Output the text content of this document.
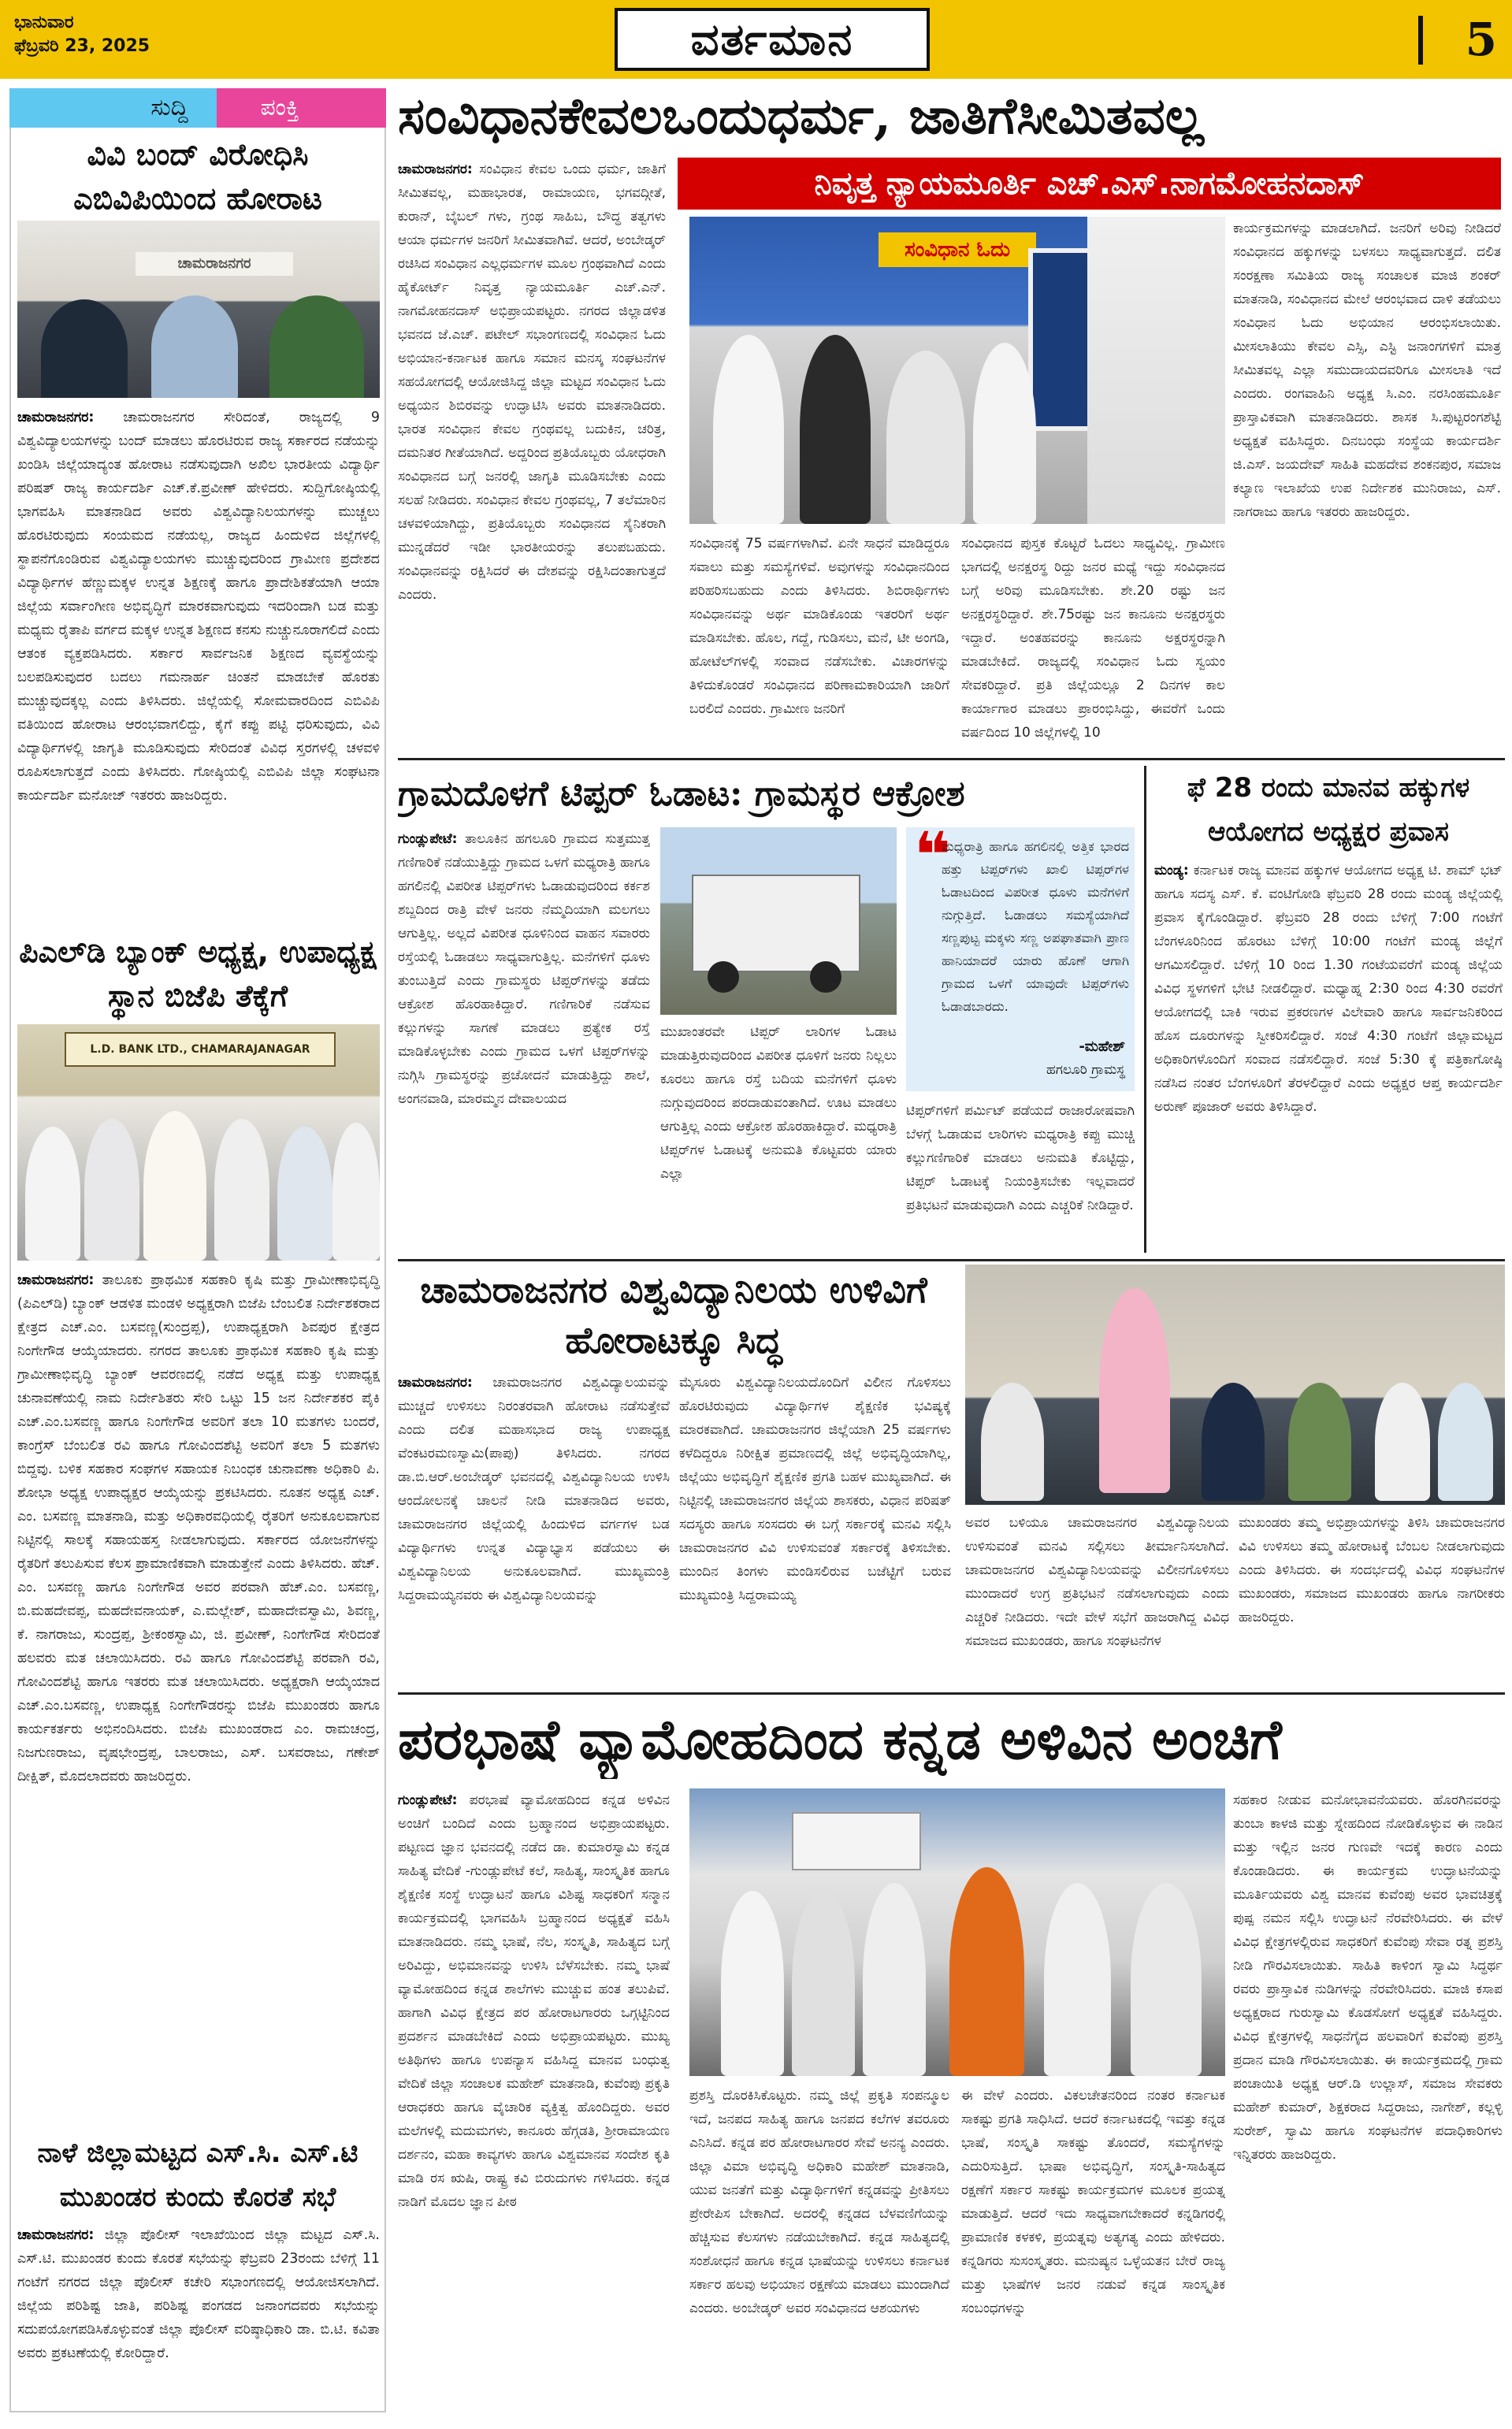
ಭಾನುವಾರ
ಫೆಬ್ರವರಿ 23, 2025	ವರ್ತಮಾನ	5
ಸುದ್ದಿ	ಪಂಕ್ತಿ
ವಿವಿ ಬಂದ್ ವಿರೋಧಿಸಿ ಎಬಿವಿಪಿಯಿಂದ ಹೋರಾಟ
ಚಾಮರಾಜನಗರ
ಚಾಮರಾಜನಗರ: ಚಾಮರಾಜನಗರ ಸೇರಿದಂತೆ, ರಾಜ್ಯದಲ್ಲಿ 9 ವಿಶ್ವವಿದ್ಯಾಲಯಗಳನ್ನು ಬಂದ್ ಮಾಡಲು ಹೊರಟಿರುವ ರಾಜ್ಯ ಸರ್ಕಾರದ ನಡೆಯನ್ನು ಖಂಡಿಸಿ ಜಿಲ್ಲೆಯಾದ್ಯಂತ ಹೋರಾಟ ನಡೆಸುವುದಾಗಿ ಅಖಿಲ ಭಾರತೀಯ ವಿದ್ಯಾರ್ಥಿ ಪರಿಷತ್ ರಾಜ್ಯ ಕಾರ್ಯದರ್ಶಿ ಎಚ್.ಕೆ.ಪ್ರವೀಣ್ ಹೇಳಿದರು. ಸುದ್ದಿಗೋಷ್ಠಿಯಲ್ಲಿ ಭಾಗವಹಿಸಿ ಮಾತನಾಡಿದ ಅವರು ವಿಶ್ವವಿದ್ಯಾನಿಲಯಗಳನ್ನು ಮುಚ್ಚಲು ಹೊರಟಿರುವುದು ಸಂಯಮದ ನಡೆಯಲ್ಲ, ರಾಜ್ಯದ ಹಿಂದುಳಿದ ಜಿಲ್ಲೆಗಳಲ್ಲಿ ಸ್ಥಾಪನೆಗೊಂಡಿರುವ ವಿಶ್ವವಿದ್ಯಾಲಯಗಳು ಮುಚ್ಚುವುದರಿಂದ ಗ್ರಾಮೀಣ ಪ್ರದೇಶದ ವಿದ್ಯಾರ್ಥಿಗಳ ಹೆಣ್ಣುಮಕ್ಕಳ ಉನ್ನತ ಶಿಕ್ಷಣಕ್ಕೆ ಹಾಗೂ ಪ್ರಾದೇಶಿಕತೆಯಾಗಿ ಆಯಾ ಜಿಲ್ಲೆಯ ಸರ್ವಾಂಗೀಣ ಅಭಿವೃದ್ಧಿಗೆ ಮಾರಕವಾಗುವುದು ಇದರಿಂದಾಗಿ ಬಡ ಮತ್ತು ಮಧ್ಯಮ ರೈತಾಪಿ ವರ್ಗದ ಮಕ್ಕಳ ಉನ್ನತ ಶಿಕ್ಷಣದ ಕನಸು ನುಚ್ಚುನೂರಾಗಲಿದೆ ಎಂದು ಆತಂಕ ವ್ಯಕ್ತಪಡಿಸಿದರು. ಸರ್ಕಾರ ಸಾರ್ವಜನಿಕ ಶಿಕ್ಷಣದ ವ್ಯವಸ್ಥೆಯನ್ನು ಬಲಪಡಿಸುವುದರ ಬದಲು ಗಮನಾರ್ಹ ಚಿಂತನೆ ಮಾಡಬೇಕೆ ಹೊರತು ಮುಚ್ಚುವುದಕ್ಕಲ್ಲ ಎಂದು ತಿಳಿಸಿದರು. ಜಿಲ್ಲೆಯಲ್ಲಿ ಸೋಮವಾರದಿಂದ ಎಬಿವಿಪಿ ವತಿಯಿಂದ ಹೋರಾಟ ಆರಂಭವಾಗಲಿದ್ದು, ಕೈಗೆ ಕಪ್ಪು ಪಟ್ಟಿ ಧರಿಸುವುದು, ವಿವಿ ವಿದ್ಯಾರ್ಥಿಗಳಲ್ಲಿ ಜಾಗೃತಿ ಮೂಡಿಸುವುದು ಸೇರಿದಂತೆ ವಿವಿಧ ಸ್ತರಗಳಲ್ಲಿ ಚಳವಳಿ ರೂಪಿಸಲಾಗುತ್ತದೆ ಎಂದು ತಿಳಿಸಿದರು. ಗೋಷ್ಠಿಯಲ್ಲಿ ಎಬಿವಿಪಿ ಜಿಲ್ಲಾ ಸಂಘಟನಾ ಕಾರ್ಯದರ್ಶಿ ಮನೋಜ್ ಇತರರು ಹಾಜರಿದ್ದರು.
ಪಿಎಲ್‌ಡಿ ಬ್ಯಾಂಕ್ ಅಧ್ಯಕ್ಷ, ಉಪಾಧ್ಯಕ್ಷ ಸ್ಥಾನ ಬಿಜೆಪಿ ತೆಕ್ಕೆಗೆ
L.D. BANK LTD., CHAMARAJANAGAR
ಚಾಮರಾಜನಗರ: ತಾಲೂಕು ಪ್ರಾಥಮಿಕ ಸಹಕಾರಿ ಕೃಷಿ ಮತ್ತು ಗ್ರಾಮೀಣಾಭಿವೃದ್ಧಿ (ಪಿಎಲ್‌ಡಿ) ಬ್ಯಾಂಕ್ ಆಡಳಿತ ಮಂಡಳಿ ಅಧ್ಯಕ್ಷರಾಗಿ ಬಿಜೆಪಿ ಬೆಂಬಲಿತ ನಿರ್ದೇಶಕರಾದ ಕ್ಷೇತ್ರದ ಎಚ್.ಎಂ. ಬಸವಣ್ಣ(ಸುಂದ್ರಪ್ಪ), ಉಪಾಧ್ಯಕ್ಷರಾಗಿ ಶಿವಪುರ ಕ್ಷೇತ್ರದ ನಿಂಗೇಗೌಡ ಆಯ್ಕೆಯಾದರು. ನಗರದ ತಾಲೂಕು ಪ್ರಾಥಮಿಕ ಸಹಕಾರಿ ಕೃಷಿ ಮತ್ತು ಗ್ರಾಮೀಣಾಭಿವೃದ್ಧಿ ಬ್ಯಾಂಕ್ ಆವರಣದಲ್ಲಿ ನಡೆದ ಅಧ್ಯಕ್ಷ ಮತ್ತು ಉಪಾಧ್ಯಕ್ಷ ಚುನಾವಣೆಯಲ್ಲಿ ನಾಮ ನಿರ್ದೇಶಿತರು ಸೇರಿ ಒಟ್ಟು 15 ಜನ ನಿರ್ದೇಶಕರ ಪೈಕಿ ಎಚ್.ಎಂ.ಬಸವಣ್ಣ ಹಾಗೂ ನಿಂಗೇಗೌಡ ಅವರಿಗೆ ತಲಾ 10 ಮತಗಳು ಬಂದರೆ, ಕಾಂಗ್ರೆಸ್ ಬೆಂಬಲಿತ ರವಿ ಹಾಗೂ ಗೋವಿಂದಶೆಟ್ಟಿ ಅವರಿಗೆ ತಲಾ 5 ಮತಗಳು ಬಿದ್ದವು. ಬಳಿಕ ಸಹಕಾರ ಸಂಘಗಳ ಸಹಾಯಕ ನಿಬಂಧಕ ಚುನಾವಣಾ ಅಧಿಕಾರಿ ಪಿ. ಶೋಭಾ ಅಧ್ಯಕ್ಷ ಉಪಾಧ್ಯಕ್ಷರ ಆಯ್ಕೆಯನ್ನು ಪ್ರಕಟಿಸಿದರು. ನೂತನ ಅಧ್ಯಕ್ಷ ಎಚ್. ಎಂ. ಬಸವಣ್ಣ ಮಾತನಾಡಿ, ಮತ್ತು ಅಧಿಕಾರವಧಿಯಲ್ಲಿ ರೈತರಿಗೆ ಅನುಕೂಲವಾಗುವ ನಿಟ್ಟಿನಲ್ಲಿ ಸಾಲಕ್ಕೆ ಸಹಾಯಹಸ್ತ ನೀಡಲಾಗುವುದು. ಸರ್ಕಾರದ ಯೋಜನೆಗಳನ್ನು ರೈತರಿಗೆ ತಲುಪಿಸುವ ಕೆಲಸ ಪ್ರಾಮಾಣಿಕವಾಗಿ ಮಾಡುತ್ತೇನೆ ಎಂದು ತಿಳಿಸಿದರು. ಹೆಚ್. ಎಂ. ಬಸವಣ್ಣ ಹಾಗೂ ನಿಂಗೇಗೌಡ ಅವರ ಪರವಾಗಿ ಹೆಚ್.ಎಂ. ಬಸವಣ್ಣ, ಬಿ.ಮಹದೇವಪ್ಪ, ಮಹದೇವನಾಯಕ್, ಎ.ಮಲ್ಲೇಶ್, ಮಹಾದೇವಸ್ವಾಮಿ, ಶಿವಣ್ಣ, ಕೆ. ನಾಗರಾಜು, ಸುಂದ್ರಪ್ಪ, ಶ್ರೀಕಂಠಸ್ವಾಮಿ, ಜಿ. ಪ್ರವೀಣ್, ನಿಂಗೇಗೌಡ ಸೇರಿದಂತೆ ಹಲವರು ಮತ ಚಲಾಯಿಸಿದರು. ರವಿ ಹಾಗೂ ಗೋವಿಂದಶೆಟ್ಟಿ ಪರವಾಗಿ ರವಿ, ಗೋವಿಂದಶೆಟ್ಟಿ ಹಾಗೂ ಇತರರು ಮತ ಚಲಾಯಿಸಿದರು. ಅಧ್ಯಕ್ಷರಾಗಿ ಆಯ್ಕೆಯಾದ ಎಚ್.ಎಂ.ಬಸವಣ್ಣ, ಉಪಾಧ್ಯಕ್ಷ ನಿಂಗೇಗೌಡರನ್ನು ಬಿಜೆಪಿ ಮುಖಂಡರು ಹಾಗೂ ಕಾರ್ಯಕರ್ತರು ಅಭಿನಂದಿಸಿದರು. ಬಿಜೆಪಿ ಮುಖಂಡರಾದ ಎಂ. ರಾಮಚಂದ್ರ, ನಿಜಗುಣರಾಜು, ವೃಷಭೇಂದ್ರಪ್ಪ, ಬಾಲರಾಜು, ಎಸ್. ಬಸವರಾಜು, ಗಣೇಶ್ ದೀಕ್ಷಿತ್, ಮೊದಲಾದವರು ಹಾಜರಿದ್ದರು.
ನಾಳೆ ಜಿಲ್ಲಾಮಟ್ಟದ ಎಸ್.ಸಿ. ಎಸ್.ಟಿ ಮುಖಂಡರ ಕುಂದು ಕೊರತೆ ಸಭೆ
ಚಾಮರಾಜನಗರ: ಜಿಲ್ಲಾ ಪೊಲೀಸ್ ಇಲಾಖೆಯಿಂದ ಜಿಲ್ಲಾ ಮಟ್ಟದ ಎಸ್.ಸಿ. ಎಸ್.ಟಿ. ಮುಖಂಡರ ಕುಂದು ಕೊರತೆ ಸಭೆಯನ್ನು ಫೆಬ್ರವರಿ 23ರಂದು ಬೆಳಿಗ್ಗೆ 11 ಗಂಟೆಗೆ ನಗರದ ಜಿಲ್ಲಾ ಪೊಲೀಸ್ ಕಚೇರಿ ಸಭಾಂಗಣದಲ್ಲಿ ಆಯೋಜಿಸಲಾಗಿದೆ. ಜಿಲ್ಲೆಯ ಪರಿಶಿಷ್ಟ ಜಾತಿ, ಪರಿಶಿಷ್ಟ ಪಂಗಡದ ಜನಾಂಗದವರು ಸಭೆಯನ್ನು ಸದುಪಯೋಗಪಡಿಸಿಕೊಳ್ಳುವಂತೆ ಜಿಲ್ಲಾ ಪೊಲೀಸ್ ವರಿಷ್ಠಾಧಿಕಾರಿ ಡಾ. ಬಿ.ಟಿ. ಕವಿತಾ ಅವರು ಪ್ರಕಟಣೆಯಲ್ಲಿ ಕೋರಿದ್ದಾರೆ.
ಸಂವಿಧಾನಕೇವಲಒಂದುಧರ್ಮ, ಜಾತಿಗೆಸೀಮಿತವಲ್ಲ
ಚಾಮರಾಜನಗರ: ಸಂವಿಧಾನ ಕೇವಲ ಒಂದು ಧರ್ಮ, ಜಾತಿಗೆ ಸೀಮಿತವಲ್ಲ, ಮಹಾಭಾರತ, ರಾಮಾಯಣ, ಭಗವದ್ಗೀತೆ, ಕುರಾನ್, ಬೈಬಲ್ ಗಳು, ಗ್ರಂಥ ಸಾಹಿಬ, ಬೌದ್ಧ ತತ್ವಗಳು ಆಯಾ ಧರ್ಮಗಳ ಜನರಿಗೆ ಸೀಮಿತವಾಗಿವೆ. ಆದರೆ, ಅಂಬೇಡ್ಕರ್ ರಚಿಸಿದ ಸಂವಿಧಾನ ಎಲ್ಲಧರ್ಮಗಳ ಮೂಲ ಗ್ರಂಥವಾಗಿದೆ ಎಂದು ಹೈಕೋರ್ಟ್ ನಿವೃತ್ತ ನ್ಯಾಯಮೂರ್ತಿ ಎಚ್.ಎನ್. ನಾಗಮೋಹನದಾಸ್ ಅಭಿಪ್ರಾಯಪಟ್ಟರು. ನಗರದ ಜಿಲ್ಲಾಡಳಿತ ಭವನದ ಜೆ.ಎಚ್. ಪಟೇಲ್ ಸಭಾಂಗಣದಲ್ಲಿ ಸಂವಿಧಾನ ಓದು ಅಭಿಯಾನ-ಕರ್ನಾಟಕ ಹಾಗೂ ಸಮಾನ ಮನಸ್ಕ ಸಂಘಟನೆಗಳ ಸಹಯೋಗದಲ್ಲಿ ಆಯೋಜಿಸಿದ್ದ ಜಿಲ್ಲಾ ಮಟ್ಟದ ಸಂವಿಧಾನ ಓದು ಅಧ್ಯಯನ ಶಿಬಿರವನ್ನು ಉದ್ಘಾಟಿಸಿ ಅವರು ಮಾತನಾಡಿದರು. ಭಾರತ ಸಂವಿಧಾನ ಕೇವಲ ಗ್ರಂಥವಲ್ಲ ಬದುಕಿನ, ಚರಿತ್ರ, ದಮನಿತರ ಗೀತೆಯಾಗಿದೆ. ಅದ್ದರಿಂದ ಪ್ರತಿಯೊಬ್ಬರು ಯೋಧರಾಗಿ ಸಂವಿಧಾನದ ಬಗ್ಗೆ ಜನರಲ್ಲಿ ಜಾಗೃತಿ ಮೂಡಿಸಬೇಕು ಎಂದು ಸಲಹೆ ನೀಡಿದರು. ಸಂವಿಧಾನ ಕೇವಲ ಗ್ರಂಥವಲ್ಲ, 7 ತಲೆಮಾರಿನ ಚಳವಳಿಯಾಗಿದ್ದು, ಪ್ರತಿಯೊಬ್ಬರು ಸಂವಿಧಾನದ ಸೈನಿಕರಾಗಿ ಮುನ್ನಡೆದರೆ ಇಡೀ ಭಾರತೀಯರನ್ನು ತಲುಪಬಹುದು. ಸಂವಿಧಾನವನ್ನು ರಕ್ಷಿಸಿದರೆ ಈ ದೇಶವನ್ನು ರಕ್ಷಿಸಿದಂತಾಗುತ್ತದೆ ಎಂದರು.
ನಿವೃತ್ತ ನ್ಯಾಯಮೂರ್ತಿ ಎಚ್.ಎಸ್.ನಾಗಮೋಹನದಾಸ್
ಸಂವಿಧಾನ ಓದು
ಸಂವಿಧಾನಕ್ಕೆ 75 ವರ್ಷಗಳಾಗಿವೆ. ಏನೇ ಸಾಧನೆ ಮಾಡಿದ್ದರೂ ಸವಾಲು ಮತ್ತು ಸಮಸ್ಯೆಗಳಿವೆ. ಅವುಗಳನ್ನು ಸಂವಿಧಾನದಿಂದ ಪರಿಹರಿಸಬಹುದು ಎಂದು ತಿಳಿಸಿದರು. ಶಿಬಿರಾರ್ಥಿಗಳು ಸಂವಿಧಾನವನ್ನು ಅರ್ಥ ಮಾಡಿಕೊಂಡು ಇತರರಿಗೆ ಅರ್ಥ ಮಾಡಿಸಬೇಕು. ಹೊಲ, ಗದ್ದೆ, ಗುಡಿಸಲು, ಮನೆ, ಟೀ ಅಂಗಡಿ, ಹೋಟೆಲ್‌ಗಳಲ್ಲಿ ಸಂವಾದ ನಡೆಸಬೇಕು. ವಿಚಾರಗಳನ್ನು ತಿಳಿದುಕೊಂಡರೆ ಸಂವಿಧಾನದ ಪರಿಣಾಮಕಾರಿಯಾಗಿ ಜಾರಿಗೆ ಬರಲಿದೆ ಎಂದರು. ಗ್ರಾಮೀಣ ಜನರಿಗೆ
ಸಂವಿಧಾನದ ಪುಸ್ತಕ ಕೊಟ್ಟರೆ ಓದಲು ಸಾಧ್ಯವಿಲ್ಲ. ಗ್ರಾಮೀಣ ಭಾಗದಲ್ಲಿ ಅನಕ್ಷರಸ್ಥ ರಿದ್ದು ಜನರ ಮಧ್ಯೆ ಇದ್ದು ಸಂವಿಧಾನದ ಬಗ್ಗೆ ಅರಿವು ಮೂಡಿಸಬೇಕು. ಶೇ.20 ರಷ್ಟು ಜನ ಅನಕ್ಷರಸ್ಥರಿದ್ದಾರೆ. ಶೇ.75ರಷ್ಟು ಜನ ಕಾನೂನು ಅನಕ್ಷರಸ್ಥರು ಇದ್ದಾರೆ. ಅಂತಹವರನ್ನು ಕಾನೂನು ಅಕ್ಷರಸ್ಥರನ್ನಾಗಿ ಮಾಡಬೇಕಿದೆ. ರಾಜ್ಯದಲ್ಲಿ ಸಂವಿಧಾನ ಓದು ಸ್ವಯಂ ಸೇವಕರಿದ್ದಾರೆ. ಪ್ರತಿ ಜಿಲ್ಲೆಯಲ್ಲೂ 2 ದಿನಗಳ ಕಾಲ ಕಾರ್ಯಾಗಾರ ಮಾಡಲು ಪ್ರಾರಂಭಿಸಿದ್ದು, ಈವರೆಗೆ ಒಂದು ವರ್ಷದಿಂದ 10 ಜಿಲ್ಲೆಗಳಲ್ಲಿ 10
ಕಾರ್ಯಕ್ರಮಗಳನ್ನು ಮಾಡಲಾಗಿದೆ. ಜನರಿಗೆ ಅರಿವು ನೀಡಿದರೆ ಸಂವಿಧಾನದ ಹಕ್ಕುಗಳನ್ನು ಬಳಸಲು ಸಾಧ್ಯವಾಗುತ್ತದೆ. ದಲಿತ ಸಂರಕ್ಷಣಾ ಸಮಿತಿಯ ರಾಜ್ಯ ಸಂಚಾಲಕ ಮಾಜಿ ಶಂಕರ್ ಮಾತನಾಡಿ, ಸಂವಿಧಾನದ ಮೇಲೆ ಆರಂಭವಾದ ದಾಳಿ ತಡೆಯಲು ಸಂವಿಧಾನ ಓದು ಅಭಿಯಾನ ಆರಂಭಿಸಲಾಯಿತು. ಮೀಸಲಾತಿಯು ಕೇವಲ ಎಸ್ಸಿ, ಎಸ್ಟಿ ಜನಾಂಗಗಳಿಗೆ ಮಾತ್ರ ಸೀಮಿತವಲ್ಲ ಎಲ್ಲಾ ಸಮುದಾಯದವರಿಗೂ ಮೀಸಲಾತಿ ಇದೆ ಎಂದರು. ರಂಗವಾಹಿನಿ ಅಧ್ಯಕ್ಷ ಸಿ.ಎಂ. ನರಸಿಂಹಮೂರ್ತಿ ಪ್ರಾಸ್ತಾವಿಕವಾಗಿ ಮಾತನಾಡಿದರು. ಶಾಸಕ ಸಿ.ಪುಟ್ಟರಂಗಶೆಟ್ಟಿ ಅಧ್ಯಕ್ಷತೆ ವಹಿಸಿದ್ದರು. ದಿನಬಂಧು ಸಂಸ್ಥೆಯ ಕಾರ್ಯದರ್ಶಿ ಜಿ.ಎಸ್. ಜಯದೇವ್ ಸಾಹಿತಿ ಮಹದೇವ ಶಂಕನಪುರ, ಸಮಾಜ ಕಲ್ಯಾಣ ಇಲಾಖೆಯ ಉಪ ನಿರ್ದೇಶಕ ಮುನಿರಾಜು, ಎಸ್. ನಾಗರಾಜು ಹಾಗೂ ಇತರರು ಹಾಜರಿದ್ದರು.
ಗ್ರಾಮದೊಳಗೆ ಟಿಪ್ಪರ್ ಓಡಾಟ: ಗ್ರಾಮಸ್ಥರ ಆಕ್ರೋಶ
ಗುಂಡ್ಲುಪೇಟೆ: ತಾಲೂಕಿನ ಹಗಲೂರಿ ಗ್ರಾಮದ ಸುತ್ತಮುತ್ತ ಗಣಿಗಾರಿಕೆ ನಡೆಯುತ್ತಿದ್ದು ಗ್ರಾಮದ ಒಳಗೆ ಮಧ್ಯರಾತ್ರಿ ಹಾಗೂ ಹಗಲಿನಲ್ಲಿ ವಿಪರೀತ ಟಿಪ್ಪರ್‌ಗಳು ಓಡಾಡುವುದರಿಂದ ಕರ್ಕಶ ಶಬ್ದದಿಂದ ರಾತ್ರಿ ವೇಳೆ ಜನರು ನೆಮ್ಮದಿಯಾಗಿ ಮಲಗಲು ಆಗುತ್ತಿಲ್ಲ. ಅಲ್ಲದೆ ವಿಪರೀತ ಧೂಳಿನಿಂದ ವಾಹನ ಸವಾರರು ರಸ್ತೆಯಲ್ಲಿ ಓಡಾಡಲು ಸಾಧ್ಯವಾಗುತ್ತಿಲ್ಲ. ಮನೆಗಳಿಗೆ ಧೂಳು ತುಂಬುತ್ತಿದೆ ಎಂದು ಗ್ರಾಮಸ್ಥರು ಟಿಪ್ಪರ್‌ಗಳನ್ನು ತಡೆದು ಆಕ್ರೋಶ ಹೊರಹಾಕಿದ್ದಾರೆ. ಗಣಿಗಾರಿಕೆ ನಡೆಸುವ ಕಲ್ಲುಗಳನ್ನು ಸಾಗಣೆ ಮಾಡಲು ಪ್ರತ್ಯೇಕ ರಸ್ತೆ ಮಾಡಿಕೊಳ್ಳಬೇಕು ಎಂದು ಗ್ರಾಮದ ಒಳಗೆ ಟಿಪ್ಪರ್‌ಗಳನ್ನು ನುಗ್ಗಿಸಿ ಗ್ರಾಮಸ್ಥರನ್ನು ಪ್ರಚೋದನೆ ಮಾಡುತ್ತಿದ್ದು ಶಾಲೆ, ಅಂಗನವಾಡಿ, ಮಾರಮ್ಮನ ದೇವಾಲಯದ
ಮುಖಾಂತರವೇ ಟಿಪ್ಪರ್ ಲಾರಿಗಳ ಓಡಾಟ ಮಾಡುತ್ತಿರುವುದರಿಂದ ವಿಪರೀತ ಧೂಳಿಗೆ ಜನರು ನಿಲ್ಲಲು ಕೂರಲು ಹಾಗೂ ರಸ್ತೆ ಬದಿಯ ಮನೆಗಳಿಗೆ ಧೂಳು ನುಗ್ಗುವುದರಿಂದ ಪರದಾಡುವಂತಾಗಿದೆ. ಊಟ ಮಾಡಲು ಆಗುತ್ತಿಲ್ಲ ಎಂದು ಆಕ್ರೋಶ ಹೊರಹಾಕಿದ್ದಾರೆ. ಮಧ್ಯರಾತ್ರಿ ಟಿಪ್ಪರ್‌ಗಳ ಓಡಾಟಕ್ಕೆ ಅನುಮತಿ ಕೊಟ್ಟವರು ಯಾರು ಎಲ್ಲಾ
❝
ಮಧ್ಯರಾತ್ರಿ ಹಾಗೂ ಹಗಲಿನಲ್ಲಿ ಅತ್ತಿಕ ಭಾರದ ಹತ್ತು ಟಿಪ್ಪರ್‌ಗಳು ಖಾಲಿ ಟಿಪ್ಪರ್‌ಗಳ ಓಡಾಟದಿಂದ ವಿಪರೀತ ಧೂಳು ಮನೆಗಳಿಗೆ ನುಗ್ಗುತ್ತಿದೆ. ಓಡಾಡಲು ಸಮಸ್ಯೆಯಾಗಿದೆ ಸಣ್ಣಪುಟ್ಟ ಮಕ್ಕಳು ಸಣ್ಣ ಅಪಘಾತವಾಗಿ ಪ್ರಾಣ ಹಾನಿಯಾದರೆ ಯಾರು ಹೊಣೆ ಆಗಾಗಿ ಗ್ರಾಮದ ಒಳಗೆ ಯಾವುದೇ ಟಿಪ್ಪರ್‌ಗಳು ಓಡಾಡಬಾರದು.
-ಮಹೇಶ್
ಹಗಲೂರಿ ಗ್ರಾಮಸ್ಥ
ಟಿಪ್ಪರ್‌ಗಳಿಗೆ ಪರ್ಮಿಟ್ ಪಡೆಯದೆ ರಾಜಾರೋಷವಾಗಿ ಬೆಳಗ್ಗೆ ಓಡಾಡುವ ಲಾರಿಗಳು ಮಧ್ಯರಾತ್ರಿ ಕಪ್ಪು ಮುಚ್ಚಿ ಕಲ್ಲುಗಣಿಗಾರಿಕೆ ಮಾಡಲು ಅನುಮತಿ ಕೊಟ್ಟಿದ್ದು, ಟಿಪ್ಪರ್ ಓಡಾಟಕ್ಕೆ ನಿಯಂತ್ರಿಸಬೇಕು ಇಲ್ಲವಾದರೆ ಪ್ರತಿಭಟನೆ ಮಾಡುವುದಾಗಿ ಎಂದು ಎಚ್ಚರಿಕೆ ನೀಡಿದ್ದಾರೆ.
ಫೆ 28 ರಂದು ಮಾನವ ಹಕ್ಕುಗಳ ಆಯೋಗದ ಅಧ್ಯಕ್ಷರ ಪ್ರವಾಸ
ಮಂಡ್ಯ: ಕರ್ನಾಟಕ ರಾಜ್ಯ ಮಾನವ ಹಕ್ಕುಗಳ ಆಯೋಗದ ಅಧ್ಯಕ್ಷ ಟಿ. ಶಾಮ್ ಭಟ್ ಹಾಗೂ ಸದಸ್ಯ ಎಸ್. ಕೆ. ವಂಟಿಗೋಡಿ ಫೆಬ್ರವರಿ 28 ರಂದು ಮಂಡ್ಯ ಜಿಲ್ಲೆಯಲ್ಲಿ ಪ್ರವಾಸ ಕೈಗೊಂಡಿದ್ದಾರೆ. ಫೆಬ್ರವರಿ 28 ರಂದು ಬೆಳಿಗ್ಗೆ 7:00 ಗಂಟೆಗೆ ಬೆಂಗಳೂರಿನಿಂದ ಹೊರಟು ಬೆಳಿಗ್ಗೆ 10:00 ಗಂಟೆಗೆ ಮಂಡ್ಯ ಜಿಲ್ಲೆಗೆ ಆಗಮಿಸಲಿದ್ದಾರೆ. ಬೆಳಿಗ್ಗೆ 10 ರಿಂದ 1.30 ಗಂಟೆಯವರೆಗೆ ಮಂಡ್ಯ ಜಿಲ್ಲೆಯ ವಿವಿಧ ಸ್ಥಳಗಳಿಗೆ ಭೇಟಿ ನೀಡಲಿದ್ದಾರೆ. ಮಧ್ಯಾಹ್ನ 2:30 ರಿಂದ 4:30 ರವರೆಗೆ ಆಯೋಗದಲ್ಲಿ ಬಾಕಿ ಇರುವ ಪ್ರಕರಣಗಳ ವಿಲೇವಾರಿ ಹಾಗೂ ಸಾರ್ವಜನಿಕರಿಂದ ಹೊಸ ದೂರುಗಳನ್ನು ಸ್ವೀಕರಿಸಲಿದ್ದಾರೆ. ಸಂಜೆ 4:30 ಗಂಟೆಗೆ ಜಿಲ್ಲಾಮಟ್ಟದ ಅಧಿಕಾರಿಗಳೊಂದಿಗೆ ಸಂವಾದ ನಡೆಸಲಿದ್ದಾರೆ. ಸಂಜೆ 5:30 ಕ್ಕೆ ಪತ್ರಿಕಾಗೋಷ್ಠಿ ನಡೆಸಿದ ನಂತರ ಬೆಂಗಳೂರಿಗೆ ತೆರಳಲಿದ್ದಾರೆ ಎಂದು ಅಧ್ಯಕ್ಷರ ಆಪ್ತ ಕಾರ್ಯದರ್ಶಿ ಅರುಣ್ ಪೂಜಾರ್ ಅವರು ತಿಳಿಸಿದ್ದಾರೆ.
ಚಾಮರಾಜನಗರ ವಿಶ್ವವಿದ್ಯಾನಿಲಯ ಉಳಿವಿಗೆ ಹೋರಾಟಕ್ಕೂ ಸಿದ್ಧ
ಚಾಮರಾಜನಗರ: ಚಾಮರಾಜನಗರ ವಿಶ್ವವಿದ್ಯಾಲಯವನ್ನು ಮುಚ್ಚದೆ ಉಳಿಸಲು ನಿರಂತರವಾಗಿ ಹೋರಾಟ ನಡೆಸುತ್ತೇವೆ ಎಂದು ದಲಿತ ಮಹಾಸಭಾದ ರಾಜ್ಯ ಉಪಾಧ್ಯಕ್ಷ ವೆಂಕಟರಮಣಸ್ವಾಮಿ(ಪಾಪು) ತಿಳಿಸಿದರು. ನಗರದ ಡಾ.ಬಿ.ಆರ್.ಅಂಬೇಡ್ಕರ್ ಭವನದಲ್ಲಿ ವಿಶ್ವವಿದ್ಯಾನಿಲಯ ಉಳಿಸಿ ಆಂದೋಲನಕ್ಕೆ ಚಾಲನೆ ನೀಡಿ ಮಾತನಾಡಿದ ಅವರು, ಚಾಮರಾಜನಗರ ಜಿಲ್ಲೆಯಲ್ಲಿ ಹಿಂದುಳಿದ ವರ್ಗಗಳ ಬಡ ವಿದ್ಯಾರ್ಥಿಗಳು ಉನ್ನತ ವಿದ್ಯಾಭ್ಯಾಸ ಪಡೆಯಲು ಈ ವಿಶ್ವವಿದ್ಯಾನಿಲಯ ಅನುಕೂಲವಾಗಿದೆ. ಮುಖ್ಯಮಂತ್ರಿ ಸಿದ್ದರಾಮಯ್ಯನವರು ಈ ವಿಶ್ವವಿದ್ಯಾನಿಲಯವನ್ನು
ಮೈಸೂರು ವಿಶ್ವವಿದ್ಯಾನಿಲಯದೊಂದಿಗೆ ವಿಲೀನ ಗೊಳಿಸಲು ಹೊರಟಿರುವುದು ವಿದ್ಯಾರ್ಥಿಗಳ ಶೈಕ್ಷಣಿಕ ಭವಿಷ್ಯಕ್ಕೆ ಮಾರಕವಾಗಿದೆ. ಚಾಮರಾಜನಗರ ಜಿಲ್ಲೆಯಾಗಿ 25 ವರ್ಷಗಳು ಕಳೆದಿದ್ದರೂ ನಿರೀಕ್ಷಿತ ಪ್ರಮಾಣದಲ್ಲಿ ಜಿಲ್ಲೆ ಅಭಿವೃದ್ಧಿಯಾಗಿಲ್ಲ, ಜಿಲ್ಲೆಯು ಅಭಿವೃದ್ಧಿಗೆ ಶೈಕ್ಷಣಿಕ ಪ್ರಗತಿ ಬಹಳ ಮುಖ್ಯವಾಗಿದೆ. ಈ ನಿಟ್ಟಿನಲ್ಲಿ ಚಾಮರಾಜನಗರ ಜಿಲ್ಲೆಯ ಶಾಸಕರು, ವಿಧಾನ ಪರಿಷತ್ ಸದಸ್ಯರು ಹಾಗೂ ಸಂಸದರು ಈ ಬಗ್ಗೆ ಸರ್ಕಾರಕ್ಕೆ ಮನವಿ ಸಲ್ಲಿಸಿ ಚಾಮರಾಜನಗರ ವಿವಿ ಉಳಿಸುವಂತೆ ಸರ್ಕಾರಕ್ಕೆ ತಿಳಿಸಬೇಕು. ಮುಂದಿನ ತಿಂಗಳು ಮಂಡಿಸಲಿರುವ ಬಜೆಟ್ಟಿಗೆ ಬರುವ ಮುಖ್ಯಮಂತ್ರಿ ಸಿದ್ದರಾಮಯ್ಯ
ಅವರ ಬಳಿಯೂ ಚಾಮರಾಜನಗರ ವಿಶ್ವವಿದ್ಯಾನಿಲಯ ಉಳಿಸುವಂತೆ ಮನವಿ ಸಲ್ಲಿಸಲು ತೀರ್ಮಾನಿಸಲಾಗಿದೆ. ಚಾಮರಾಜನಗರ ವಿಶ್ವವಿದ್ಯಾನಿಲಯವನ್ನು ವಿಲೀನಗೊಳಿಸಲು ಮುಂದಾದರೆ ಉಗ್ರ ಪ್ರತಿಭಟನೆ ನಡೆಸಲಾಗುವುದು ಎಂದು ಎಚ್ಚರಿಕೆ ನೀಡಿದರು. ಇದೇ ವೇಳೆ ಸಭೆಗೆ ಹಾಜರಾಗಿದ್ದ ವಿವಿಧ ಸಮಾಜದ ಮುಖಂಡರು, ಹಾಗೂ ಸಂಘಟನೆಗಳ
ಮುಖಂಡರು ತಮ್ಮ ಅಭಿಪ್ರಾಯಗಳನ್ನು ತಿಳಿಸಿ ಚಾಮರಾಜನಗರ ವಿವಿ ಉಳಿಸಲು ತಮ್ಮ ಹೋರಾಟಕ್ಕೆ ಬೆಂಬಲ ನೀಡಲಾಗುವುದು ಎಂದು ತಿಳಿಸಿದರು. ಈ ಸಂದರ್ಭದಲ್ಲಿ ವಿವಿಧ ಸಂಘಟನೆಗಳ ಮುಖಂಡರು, ಸಮಾಜದ ಮುಖಂಡರು ಹಾಗೂ ನಾಗರೀಕರು ಹಾಜರಿದ್ದರು.
ಪರಭಾಷೆ ವ್ಯಾಮೋಹದಿಂದ ಕನ್ನಡ ಅಳಿವಿನ ಅಂಚಿಗೆ
ಗುಂಡ್ಲುಪೇಟೆ: ಪರಭಾಷೆ ವ್ಯಾಮೋಹದಿಂದ ಕನ್ನಡ ಅಳಿವಿನ ಅಂಚಿಗೆ ಬಂದಿದೆ ಎಂದು ಬ್ರಹ್ಮಾನಂದ ಅಭಿಪ್ರಾಯಪಟ್ಟರು. ಪಟ್ಟಣದ ಜ್ಞಾನ ಭವನದಲ್ಲಿ ನಡೆದ ಡಾ. ಕುಮಾರಸ್ವಾಮಿ ಕನ್ನಡ ಸಾಹಿತ್ಯ ವೇದಿಕೆ -ಗುಂಡ್ಲುಪೇಟೆ ಕಲೆ, ಸಾಹಿತ್ಯ, ಸಾಂಸ್ಕೃತಿಕ ಹಾಗೂ ಶೈಕ್ಷಣಿಕ ಸಂಸ್ಥೆ ಉದ್ಘಾಟನೆ ಹಾಗೂ ವಿಶಿಷ್ಟ ಸಾಧಕರಿಗೆ ಸನ್ಮಾನ ಕಾರ್ಯಕ್ರಮದಲ್ಲಿ ಭಾಗವಹಿಸಿ ಬ್ರಹ್ಮಾನಂದ ಅಧ್ಯಕ್ಷತೆ ವಹಿಸಿ ಮಾತನಾಡಿದರು. ನಮ್ಮ ಭಾಷೆ, ನೆಲ, ಸಂಸ್ಕೃತಿ, ಸಾಹಿತ್ಯದ ಬಗ್ಗೆ ಅರಿವಿದ್ದು, ಅಭಿಮಾನವನ್ನು ಉಳಿಸಿ ಬೆಳೆಸಬೇಕು. ನಮ್ಮ ಭಾಷೆ ವ್ಯಾಮೋಹದಿಂದ ಕನ್ನಡ ಶಾಲೆಗಳು ಮುಚ್ಚುವ ಹಂತ ತಲುಪಿವೆ. ಹಾಗಾಗಿ ವಿವಿಧ ಕ್ಷೇತ್ರದ ಪರ ಹೋರಾಟಗಾರರು ಒಗ್ಗಟ್ಟಿನಿಂದ ಪ್ರದರ್ಶನ ಮಾಡಬೇಕಿದೆ ಎಂದು ಅಭಿಪ್ರಾಯಪಟ್ಟರು. ಮುಖ್ಯ ಅತಿಥಿಗಳು ಹಾಗೂ ಉಪನ್ಯಾಸ ವಹಿಸಿದ್ದ ಮಾನವ ಬಂಧುತ್ವ ವೇದಿಕೆ ಜಿಲ್ಲಾ ಸಂಚಾಲಕ ಮಹೇಶ್ ಮಾತನಾಡಿ, ಕುವೆಂಪು ಪ್ರಕೃತಿ ಆರಾಧಕರು ಹಾಗೂ ವೈಚಾರಿಕ ವ್ಯಕ್ತಿತ್ವ ಹೊಂದಿದ್ದರು. ಅವರ ಮಲೆಗಳಲ್ಲಿ ಮದುಮಗಳು, ಕಾನೂರು ಹೆಗ್ಗಡತಿ, ಶ್ರೀರಾಮಾಯಣ ದರ್ಶನಂ, ಮಹಾ ಕಾವ್ಯಗಳು ಹಾಗೂ ವಿಶ್ವಮಾನವ ಸಂದೇಶ ಕೃತಿ ಮಾಡಿ ರಸ ಋಷಿ, ರಾಷ್ಟ್ರ ಕವಿ ಬಿರುದುಗಳು ಗಳಿಸಿದರು. ಕನ್ನಡ ನಾಡಿಗೆ ಮೊದಲ ಜ್ಞಾನ ಪೀಠ
ಪ್ರಶಸ್ತಿ ದೊರಕಿಸಿಕೊಟ್ಟರು. ನಮ್ಮ ಜಿಲ್ಲೆ ಪ್ರಕೃತಿ ಸಂಪನ್ಮೂಲ ಇದೆ, ಜನಪದ ಸಾಹಿತ್ಯ ಹಾಗೂ ಜನಪದ ಕಲೆಗಳ ತವರೂರು ಎನಿಸಿದೆ. ಕನ್ನಡ ಪರ ಹೋರಾಟಗಾರರ ಸೇವೆ ಅನನ್ಯ ಎಂದರು. ಜಿಲ್ಲಾ ವಿಮಾ ಅಭಿವೃದ್ಧಿ ಅಧಿಕಾರಿ ಮಹೇಶ್ ಮಾತನಾಡಿ, ಯುವ ಜನತೆಗೆ ಮತ್ತು ವಿದ್ಯಾರ್ಥಿಗಳಿಗೆ ಕನ್ನಡವನ್ನು ಪ್ರೀತಿಸಲು ಪ್ರೇರೇಪಿಸ ಬೇಕಾಗಿದೆ. ಅದರಲ್ಲಿ ಕನ್ನಡದ ಬೆಳವಣಿಗೆಯನ್ನು ಹೆಚ್ಚಿಸುವ ಕೆಲಸಗಳು ನಡೆಯಬೇಕಾಗಿದೆ. ಕನ್ನಡ ಸಾಹಿತ್ಯದಲ್ಲಿ ಸಂಶೋಧನೆ ಹಾಗೂ ಕನ್ನಡ ಭಾಷೆಯನ್ನು ಉಳಿಸಲು ಕರ್ನಾಟಕ ಸರ್ಕಾರ ಹಲವು ಅಭಿಯಾನ ರಕ್ಷಣೆಯ ಮಾಡಲು ಮುಂದಾಗಿದೆ ಎಂದರು. ಅಂಬೇಡ್ಕರ್ ಅವರ ಸಂವಿಧಾನದ ಆಶಯಗಳು
ಈ ವೇಳೆ ಎಂದರು. ವಿಕಲಚೇತನರಿಂದ ನಂತರ ಕರ್ನಾಟಕ ಸಾಕಷ್ಟು ಪ್ರಗತಿ ಸಾಧಿಸಿದೆ. ಆದರೆ ಕರ್ನಾಟಕದಲ್ಲಿ ಇವತ್ತು ಕನ್ನಡ ಭಾಷೆ, ಸಂಸ್ಕೃತಿ ಸಾಕಷ್ಟು ತೊಂದರೆ, ಸಮಸ್ಯೆಗಳನ್ನು ಎದುರಿಸುತ್ತಿದೆ. ಭಾಷಾ ಅಭಿವೃದ್ಧಿಗೆ, ಸಂಸ್ಕೃತಿ-ಸಾಹಿತ್ಯದ ರಕ್ಷಣೆಗೆ ಸರ್ಕಾರ ಸಾಕಷ್ಟು ಕಾರ್ಯಕ್ರಮಗಳ ಮೂಲಕ ಪ್ರಯತ್ನ ಮಾಡುತ್ತಿದೆ. ಆದರೆ ಇದು ಸಾಧ್ಯವಾಗಬೇಕಾದರೆ ಕನ್ನಡಿಗರಲ್ಲಿ ಪ್ರಾಮಾಣಿಕ ಕಳಕಳಿ, ಪ್ರಯತ್ನವು ಅತ್ಯಗತ್ಯ ಎಂದು ಹೇಳಿದರು. ಕನ್ನಡಿಗರು ಸುಸಂಸ್ಕೃತರು. ಮನುಷ್ಯನ ಒಳ್ಳೆಯತನ ಬೇರೆ ರಾಜ್ಯ ಮತ್ತು ಭಾಷೆಗಳ ಜನರ ನಡುವೆ ಕನ್ನಡ ಸಾಂಸ್ಕೃತಿಕ ಸಂಬಂಧಗಳನ್ನು
ಸಹಕಾರ ನೀಡುವ ಮನೋಭಾವನೆಯವರು. ಹೊರಗಿನವರನ್ನು ತುಂಬಾ ಕಾಳಜಿ ಮತ್ತು ಸ್ನೇಹದಿಂದ ನೋಡಿಕೊಳ್ಳುವ ಈ ನಾಡಿನ ಮತ್ತು ಇಲ್ಲಿನ ಜನರ ಗುಣವೇ ಇದಕ್ಕೆ ಕಾರಣ ಎಂದು ಕೊಂಡಾಡಿದರು. ಈ ಕಾರ್ಯಕ್ರಮ ಉದ್ಘಾಟನೆಯನ್ನು ಮೂರ್ತಿಯವರು ವಿಶ್ವ ಮಾನವ ಕುವೆಂಪು ಅವರ ಭಾವಚಿತ್ರಕ್ಕೆ ಪುಷ್ಪ ನಮನ ಸಲ್ಲಿಸಿ ಉದ್ಘಾಟನೆ ನೆರವೇರಿಸಿದರು. ಈ ವೇಳೆ ವಿವಿಧ ಕ್ಷೇತ್ರಗಳಲ್ಲಿರುವ ಸಾಧಕರಿಗೆ ಕುವೆಂಪು ಸೇವಾ ರತ್ನ ಪ್ರಶಸ್ತಿ ನೀಡಿ ಗೌರವಿಸಲಾಯಿತು. ಸಾಹಿತಿ ಕಾಳಿಂಗ ಸ್ವಾಮಿ ಸಿದ್ಧರ್ಥ ರವರು ಪ್ರಾಸ್ತಾವಿಕ ನುಡಿಗಳನ್ನು ನೆರವೇರಿಸಿದರು. ಮಾಜಿ ಕಸಾಪ ಅಧ್ಯಕ್ಷರಾದ ಗುರುಸ್ವಾಮಿ ಕೊಡಸೋಗೆ ಅಧ್ಯಕ್ಷತೆ ವಹಿಸಿದ್ದರು. ವಿವಿಧ ಕ್ಷೇತ್ರಗಳಲ್ಲಿ ಸಾಧನೆಗೈದ ಹಲವಾರಿಗೆ ಕುವೆಂಪು ಪ್ರಶಸ್ತಿ ಪ್ರದಾನ ಮಾಡಿ ಗೌರವಿಸಲಾಯಿತು. ಈ ಕಾರ್ಯಕ್ರಮದಲ್ಲಿ ಗ್ರಾಮ ಪಂಚಾಯಿತಿ ಅಧ್ಯಕ್ಷ ಆರ್.ಡಿ ಉಲ್ಲಾಸ್, ಸಮಾಜ ಸೇವಕರು ಮಹೇಶ್ ಕುಮಾರ್, ಶಿಕ್ಷಕರಾದ ಸಿದ್ದರಾಜು, ನಾಗೇಶ್, ಕಲ್ಲಳ್ಳಿ ಸುರೇಶ್, ಸ್ವಾಮಿ ಹಾಗೂ ಸಂಘಟನೆಗಳ ಪದಾಧಿಕಾರಿಗಳು ಇನ್ನಿತರರು ಹಾಜರಿದ್ದರು.
